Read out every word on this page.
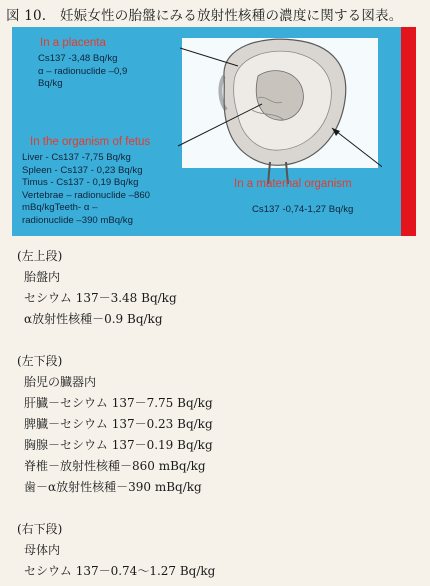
図 10.　妊娠女性の胎盤にみる放射性核種の濃度に関する図表。
In a placenta
Cs137 -3,48 Bq/kg
α – radionuclide –0,9
Bq/kg
In the organism of fetus
Liver - Cs137 -7,75 Bq/kg
Spleen - Cs137 - 0,23 Bq/kg
Timus - Cs137 - 0,19 Bq/kg
Vertebrae – radionuclide –860
mBq/kgTeeth- α –
radionuclide –390 mBq/kg
In a maternal organism
Cs137 -0,74-1,27 Bq/kg
(左上段)
胎盤内
セシウム 137－3.48 Bq/kg
α放射性核種－0.9 Bq/kg
(左下段)
胎児の臓器内
肝臓－セシウム 137－7.75 Bq/kg
脾臓－セシウム 137－0.23 Bq/kg
胸腺－セシウム 137－0.19 Bq/kg
脊椎－放射性核種－860 mBq/kg
歯－α放射性核種－390 mBq/kg
(右下段)
母体内
セシウム 137－0.74～1.27 Bq/kg
